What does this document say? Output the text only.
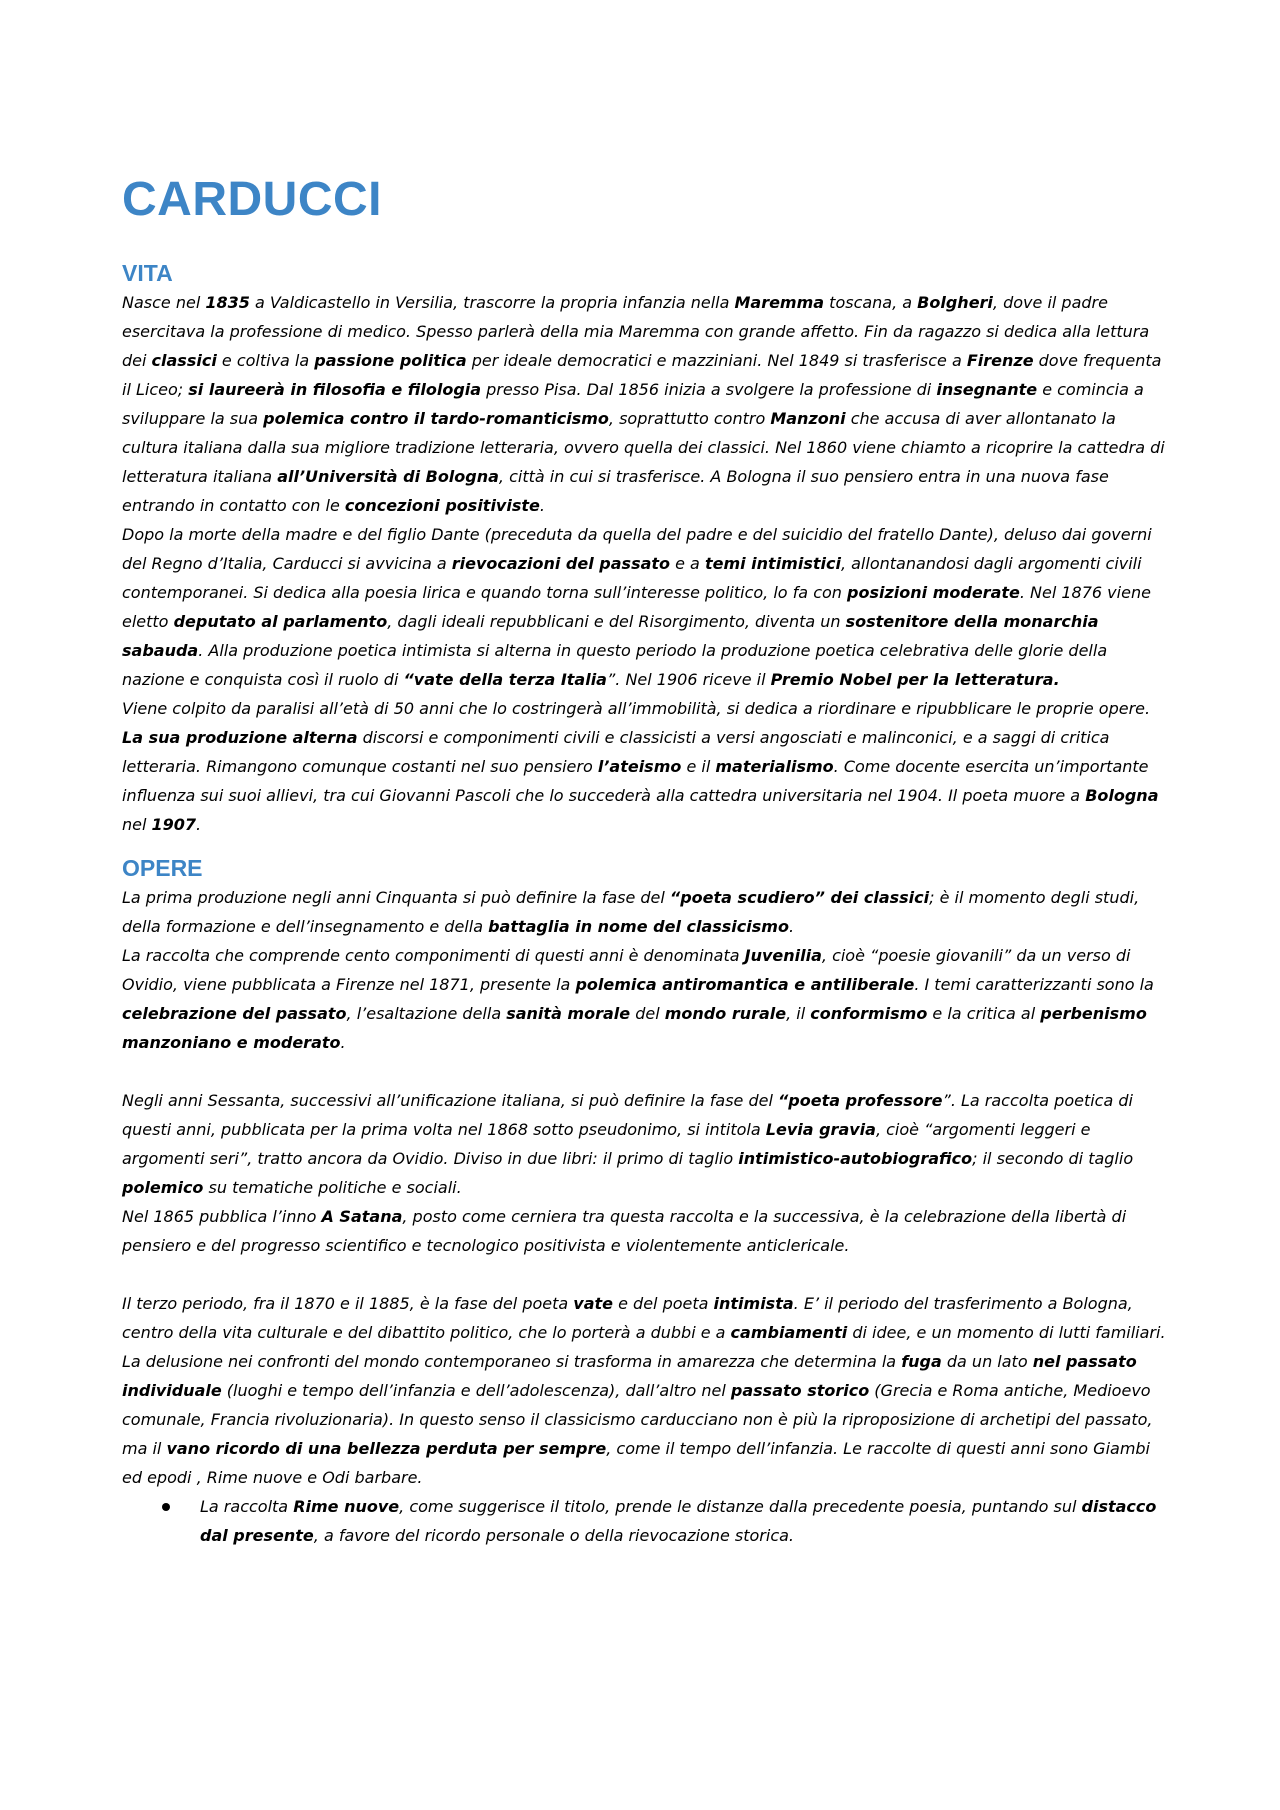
CARDUCCI
VITA

Nasce nel 1835 a Valdicastello in Versilia, trascorre la propria infanzia nella Maremma toscana, a Bolgheri, dove il padre esercitava la professione di medico. Spesso parlerà della mia Maremma con grande affetto. Fin da ragazzo si dedica alla lettura dei classici e coltiva la passione politica per ideale democratici e mazziniani. Nel 1849 si trasferisce a Firenze dove frequenta il Liceo; si laureerà in filosofia e filologia presso Pisa. Dal 1856 inizia a svolgere la professione di insegnante e comincia a sviluppare la sua polemica contro il tardo-romanticismo, soprattutto contro Manzoni che accusa di aver allontanato la cultura italiana dalla sua migliore tradizione letteraria, ovvero quella dei classici. Nel 1860 viene chiamto a ricoprire la cattedra di letteratura italiana all’Università di Bologna, città in cui si trasferisce. A Bologna il suo pensiero entra in una nuova fase entrando in contatto con le concezioni positiviste.

Dopo la morte della madre e del figlio Dante (preceduta da quella del padre e del suicidio del fratello Dante), deluso dai governi del Regno d’Italia, Carducci si avvicina a rievocazioni del passato e a temi intimistici, allontanandosi dagli argomenti civili contemporanei. Si dedica alla poesia lirica e quando torna sull’interesse politico, lo fa con posizioni moderate. Nel 1876 viene eletto deputato al parlamento, dagli ideali repubblicani e del Risorgimento, diventa un sostenitore della monarchia sabauda. Alla produzione poetica intimista si alterna in questo periodo la produzione poetica celebrativa delle glorie della nazione e conquista così il ruolo di “vate della terza Italia”. Nel 1906 riceve il Premio Nobel per la letteratura.

Viene colpito da paralisi all’età di 50 anni che lo costringerà all’immobilità, si dedica a riordinare e ripubblicare le proprie opere.

La sua produzione alterna discorsi e componimenti civili e classicisti a versi angosciati e malinconici, e a saggi di critica letteraria. Rimangono comunque costanti nel suo pensiero l’ateismo e il materialismo. Come docente esercita un’importante influenza sui suoi allievi, tra cui Giovanni Pascoli che lo succederà alla cattedra universitaria nel 1904. Il poeta muore a Bologna nel 1907.

OPERE

La prima produzione negli anni Cinquanta si può definire la fase del “poeta scudiero” dei classici; è il momento degli studi, della formazione e dell’insegnamento e della battaglia in nome del classicismo.

La raccolta che comprende cento componimenti di questi anni è denominata Juvenilia, cioè “poesie giovanili” da un verso di Ovidio, viene pubblicata a Firenze nel 1871, presente la polemica antiromantica e antiliberale. I temi caratterizzanti sono la celebrazione del passato, l’esaltazione della sanità morale del mondo rurale, il conformismo e la critica al perbenismo manzoniano e moderato.

Negli anni Sessanta, successivi all’unificazione italiana, si può definire la fase del “poeta professore”. La raccolta poetica di questi anni, pubblicata per la prima volta nel 1868 sotto pseudonimo, si intitola Levia gravia, cioè “argomenti leggeri e argomenti seri”, tratto ancora da Ovidio. Diviso in due libri: il primo di taglio intimistico-autobiografico; il secondo di taglio polemico su tematiche politiche e sociali.

Nel 1865 pubblica l’inno A Satana, posto come cerniera tra questa raccolta e la successiva, è la celebrazione della libertà di pensiero e del progresso scientifico e tecnologico positivista e violentemente anticlericale.

Il terzo periodo, fra il 1870 e il 1885, è la fase del poeta vate e del poeta intimista. E’ il periodo del trasferimento a Bologna, centro della vita culturale e del dibattito politico, che lo porterà a dubbi e a cambiamenti di idee, e un momento di lutti familiari. La delusione nei confronti del mondo contemporaneo si trasforma in amarezza che determina la fuga da un lato nel passato individuale (luoghi e tempo dell’infanzia e dell’adolescenza), dall’altro nel passato storico (Grecia e Roma antiche, Medioevo comunale, Francia rivoluzionaria). In questo senso il classicismo carducciano non è più la riproposizione di archetipi del passato, ma il vano ricordo di una bellezza perduta per sempre, come il tempo dell’infanzia. Le raccolte di questi anni sono Giambi ed epodi , Rime nuove e Odi barbare.

La raccolta Rime nuove, come suggerisce il titolo, prende le distanze dalla precedente poesia, puntando sul distacco dal presente, a favore del ricordo personale o della rievocazione storica.
